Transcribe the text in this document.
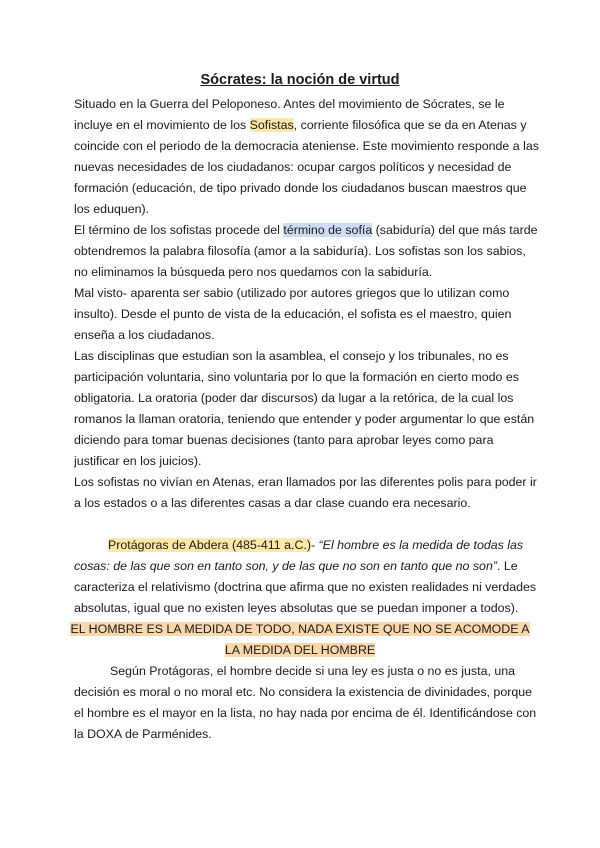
Sócrates: la noción de virtud

Situado en la Guerra del Peloponeso. Antes del movimiento de Sócrates, se le

incluye en el movimiento de los Sofistas, corriente filosófica que se da en Atenas y

coincide con el periodo de la democracia ateniense. Este movimiento responde a las

nuevas necesidades de los ciudadanos: ocupar cargos políticos y necesidad de

formación (educación, de tipo privado donde los ciudadanos buscan maestros que

los eduquen).

El término de los sofistas procede del término de sofía (sabiduría) del que más tarde

obtendremos la palabra filosofía (amor a la sabiduría). Los sofistas son los sabios,

no eliminamos la búsqueda pero nos quedamos con la sabiduría.

Mal visto- aparenta ser sabio (utilizado por autores griegos que lo utilizan como

insulto). Desde el punto de vista de la educación, el sofista es el maestro, quien

enseña a los ciudadanos.

Las disciplinas que estudian son la asamblea, el consejo y los tribunales, no es

participación voluntaria, sino voluntaria por lo que la formación en cierto modo es

obligatoria. La oratoria (poder dar discursos) da lugar a la retórica, de la cual los

romanos la llaman oratoria, teniendo que entender y poder argumentar lo que están

diciendo para tomar buenas decisiones (tanto para aprobar leyes como para

justificar en los juicios).

Los sofistas no vivían en Atenas, eran llamados por las diferentes polis para poder ir

a los estados o a las diferentes casas a dar clase cuando era necesario.

Protágoras de Abdera (485-411 a.C.)- “El hombre es la medida de todas las

cosas: de las que son en tanto son, y de las que no son en tanto que no son”. Le

caracteriza el relativismo (doctrina que afirma que no existen realidades ni verdades

absolutas, igual que no existen leyes absolutas que se puedan imponer a todos).

EL HOMBRE ES LA MEDIDA DE TODO, NADA EXISTE QUE NO SE ACOMODE A

LA MEDIDA DEL HOMBRE

Según Protágoras, el hombre decide si una ley es justa o no es justa, una

decisión es moral o no moral etc. No considera la existencia de divinidades, porque

el hombre es el mayor en la lista, no hay nada por encima de él. Identificándose con

la DOXA de Parménides.
